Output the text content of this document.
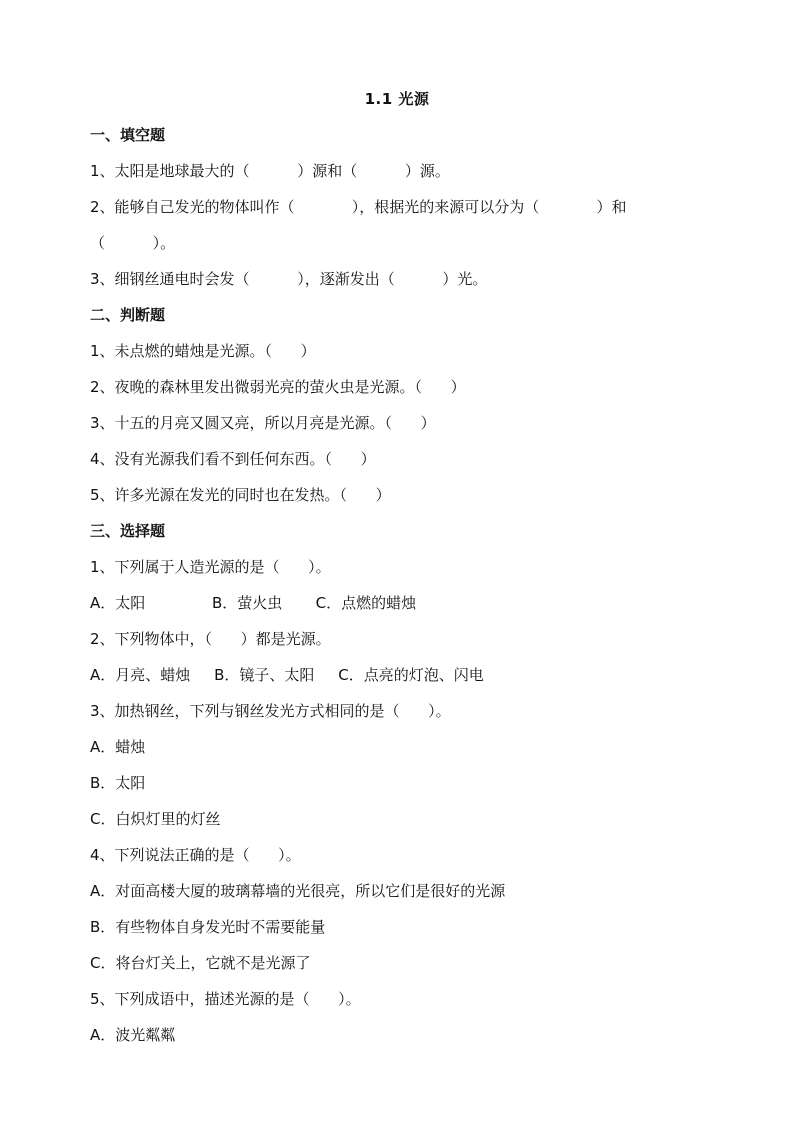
1.1 光源
一、填空题
1、太阳是地球最大的（          ）源和（          ）源。
2、能够自己发光的物体叫作（            ），根据光的来源可以分为（            ）和
（          ）。
3、细钢丝通电时会发（          ），逐渐发出（          ）光。
二、判断题
1、未点燃的蜡烛是光源。（      ）
2、夜晚的森林里发出微弱光亮的萤火虫是光源。（      ）
3、十五的月亮又圆又亮，所以月亮是光源。（      ）
4、没有光源我们看不到任何东西。（      ）
5、许多光源在发光的同时也在发热。（      ）
三、选择题
1、下列属于人造光源的是（      ）。
A．太阳              B．萤火虫       C．点燃的蜡烛
2、下列物体中，（      ）都是光源。
A．月亮、蜡烛     B．镜子、太阳     C．点亮的灯泡、闪电
3、加热钢丝，下列与钢丝发光方式相同的是（      ）。
A．蜡烛
B．太阳
C．白炽灯里的灯丝
4、下列说法正确的是（      ）。
A．对面高楼大厦的玻璃幕墙的光很亮，所以它们是很好的光源
B．有些物体自身发光时不需要能量
C．将台灯关上，它就不是光源了
5、下列成语中，描述光源的是（      ）。
A．波光粼粼
